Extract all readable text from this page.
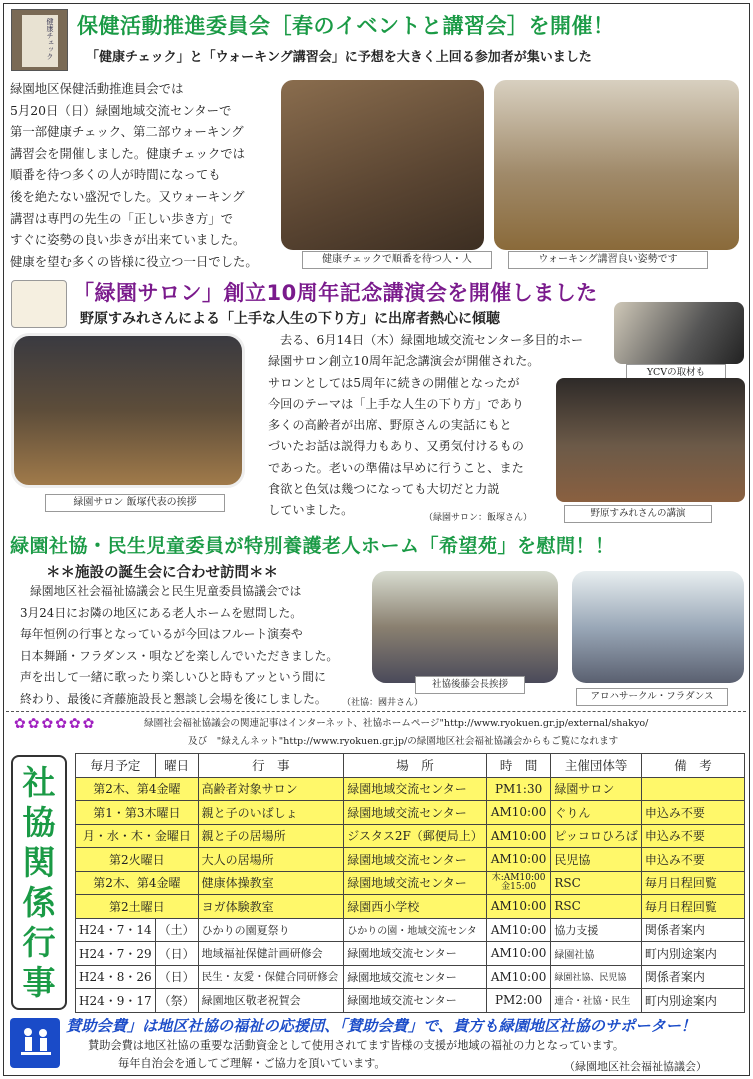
健康チェック 保健活動推進委員会［春のイベントと講習会］を開催！
「健康チェック」と「ウォーキング講習会」に予想を大きく上回る参加者が集いました
緑園地区保健活動推進員会では
5月20日（日）緑園地域交流センターで
第一部健康チェック、第二部ウォーキング
講習会を開催しました。健康チェックでは
順番を待つ多くの人が時間になっても
後を絶たない盛況でした。又ウォーキング
講習は専門の先生の「正しい歩き方」で
すぐに姿勢の良い歩きが出来ていました。
健康を望む多くの皆様に役立つ一日でした。	健康チェックで順番を待つ人・人	ウォーキング講習良い姿勢です
「緑園サロン」創立10周年記念講演会を開催しました
野原すみれさんによる「上手な人生の下り方」に出席者熱心に傾聴
緑園サロン 飯塚代表の挨拶
去る、6月14日（木）緑園地域交流センター多目的ホー
緑園サロン創立10周年記念講演会が開催された。
サロンとしては5周年に続きの開催となったが
今回のテーマは「上手な人生の下り方」であり
多くの高齢者が出席、野原さんの実話にもと
づいたお話は説得力もあり、又勇気付けるもの
であった。老いの準備は早めに行うこと、また
食欲と色気は幾つになっても大切だと力説
していました。
（緑園サロン：飯塚さん）
YCVの取材も
野原すみれさんの講演
緑園社協・民生児童委員が特別養護老人ホーム「希望苑」を慰問！！
＊＊施設の誕生会に合わせ訪問＊＊
緑園地区社会福祉協議会と民生児童委員協議会では
3月24日にお隣の地区にある老人ホームを慰問した。
毎年恒例の行事となっているが今回はフルート演奏や
日本舞踊・フラダンス・唄などを楽しんでいただきました。
声を出して一緒に歌ったり楽しいひと時もアッという間に
終わり、最後に斉藤施設長と懇談し会場を後にしました。	（社協：國井さん）
社協後藤会長挨拶
アロハサークル・フラダンス
✿✿✿✿✿✿	緑園社会福祉協議会の関連記事はインターネット、社協ホームページ"http://www.ryokuen.gr.jp/external/shakyo/
及び　"緑えんネット"http://www.ryokuen.gr.jp/の緑園地区社会福祉協議会からもご覧になれます
社
協
関
係
行
事
毎月予定	曜日	行　事	場　所	時　間	主催団体等	備　考
第2木、第4金曜		高齢者対象サロン	緑園地域交流センター	PM1:30	緑園サロン	
第1・第3木曜日		親と子のいばしょ	緑園地域交流センター	AM10:00	ぐりん	申込み不要
月・水・木・金曜日		親と子の居場所	ジスタス2F（郵便局上）	AM10:00	ピッコロひろば	申込み不要
第2火曜日		大人の居場所	緑園地域交流センター	AM10:00	民児協	申込み不要
第2木、第4金曜		健康体操教室	緑園地域交流センター	木:AM10:00 金15:00	RSC	毎月日程回覧
第2土曜日		ヨガ体験教室	緑園西小学校	AM10:00	RSC	毎月日程回覧
H24・7・14	（土）	ひかりの園夏祭り	ひかりの園・地域交流センタ	AM10:00	協力支援	関係者案内
H24・7・29	（日）	地域福祉保健計画研修会	緑園地域交流センター	AM10:00	緑園社協	町内別途案内
H24・8・26	（日）	民生・友愛・保健合同研修会	緑園地域交流センター	AM10:00	緑園社協、民児協	関係者案内
H24・9・17	（祭）	緑園地区敬老祝賀会	緑園地域交流センター	PM2:00	連合・社協・民生	町内別途案内
賛助会費」は地区社協の福祉の応援団、「賛助会費」で、貴方も緑園地区社協のサポーター！
賛助会費は地区社協の重要な活動資金として使用されてます皆様の支援が地域の福祉の力となっています。
毎年自治会を通してご理解・ご協力を頂いています。	（緑園地区社会福祉協議会）
